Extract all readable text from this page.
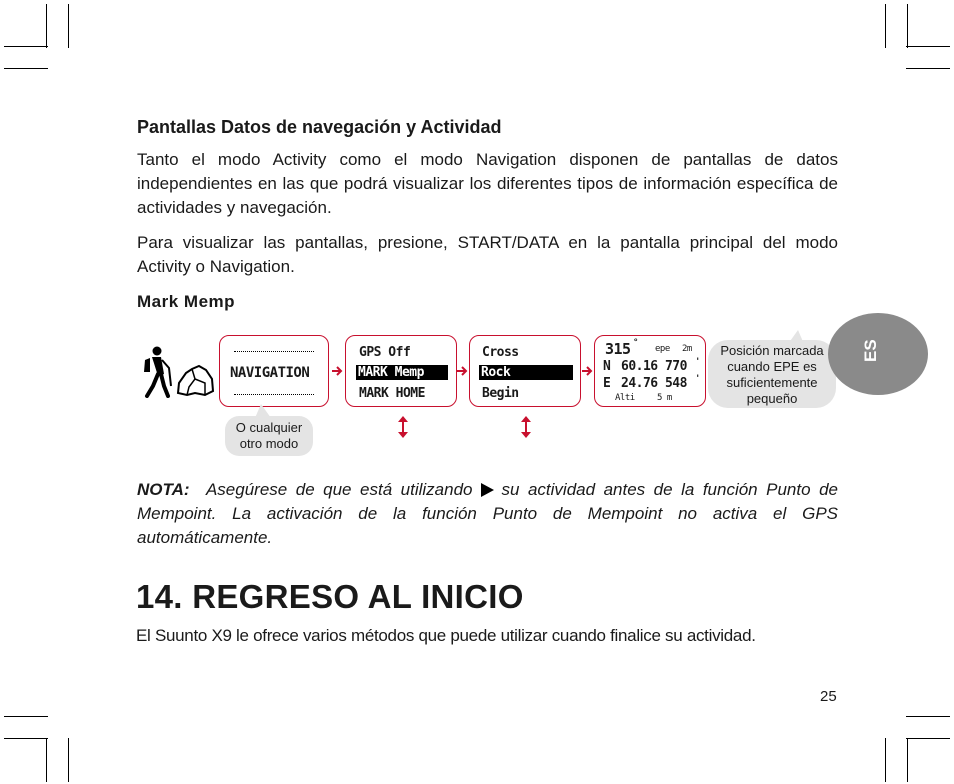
Pantallas Datos de navegación y Actividad

Tanto el modo Activity como el modo Navigation disponen de pantallas de datos independientes en las que podrá visualizar los diferentes tipos de información específica de actividades y navegación.

Para visualizar las pantallas, presione, START/DATA en la pantalla principal del modo Activity o Navigation.

Mark Memp
NAVIGATION
GPS Off
MARK Memp
MARK HOME
Cross
Rock
Begin
315 °
epe 2m
N 60.16 770 '
E 24.76 548 '
Alti 5 m
O cualquier otro modo
Posición marcada cuando EPE es suficientemente pequeño

NOTA: Asegúrese de que está utilizando su actividad antes de la función Punto de Mempoint. La activación de la función Punto de Mempoint no activa el GPS automáticamente.

14. REGRESO AL INICIO

El Suunto X9 le ofrece varios métodos que puede utilizar cuando finalice su actividad.

ES
25
